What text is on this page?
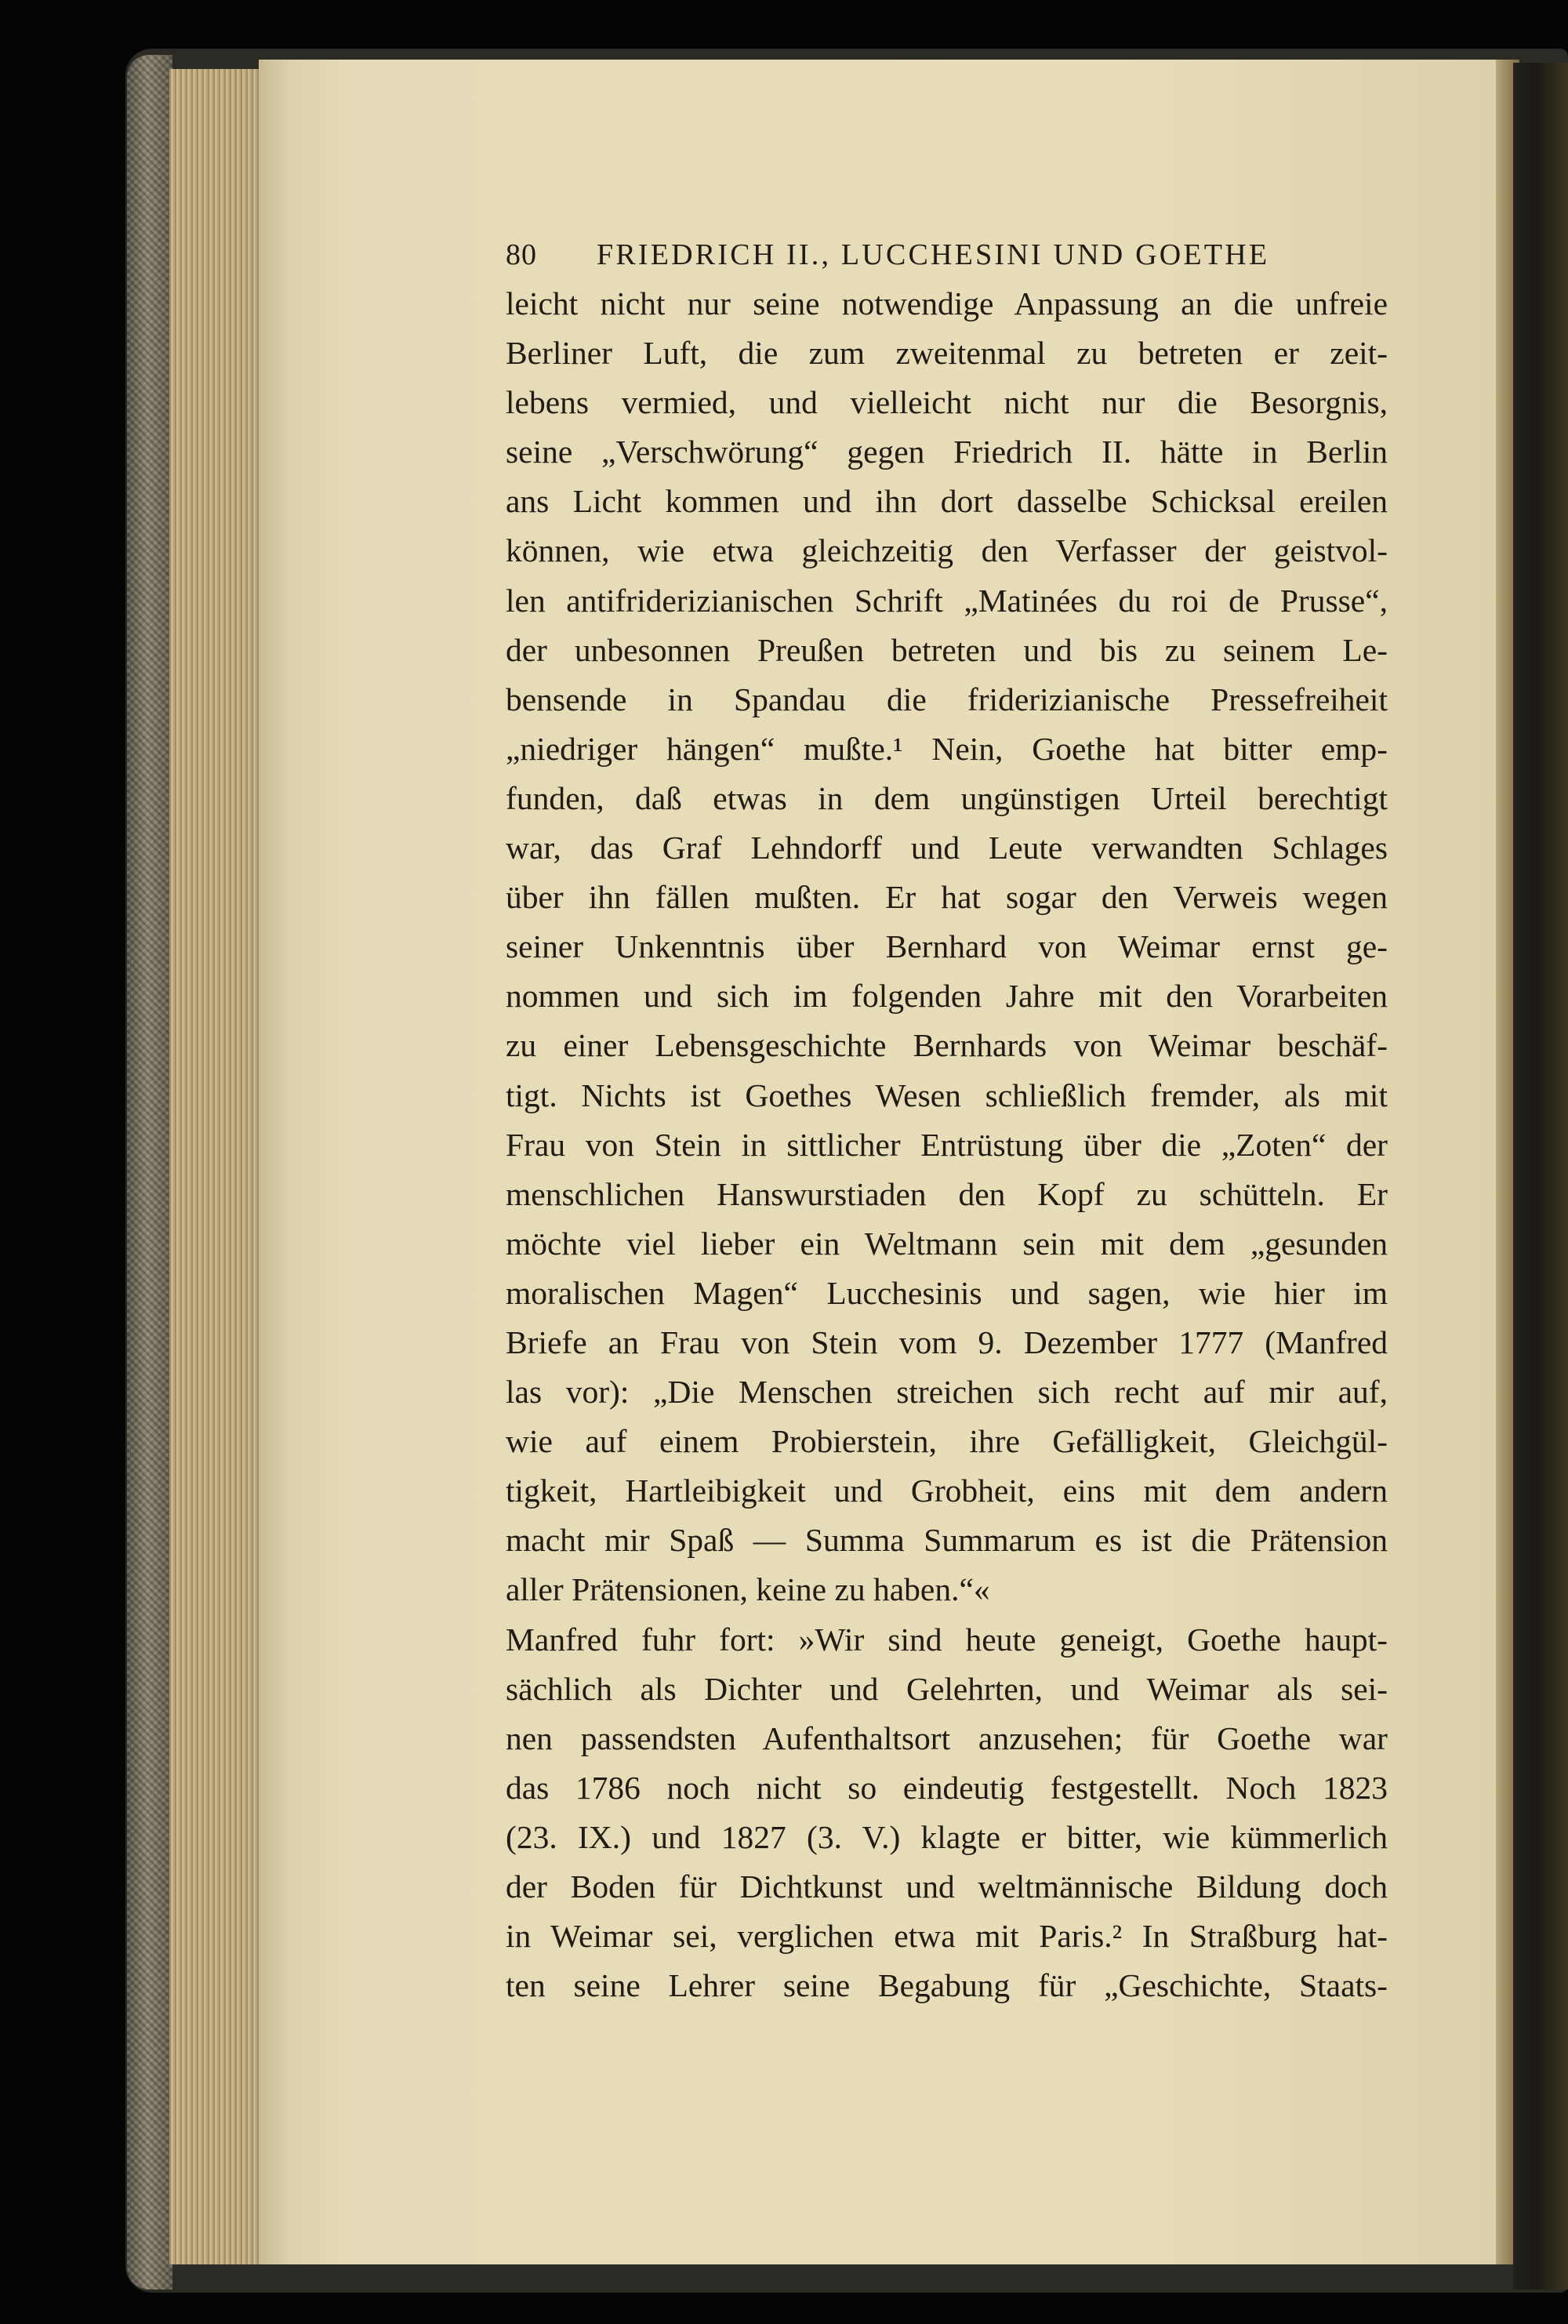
80 FRIEDRICH II., LUCCHESINI UND GOETHE
leicht nicht nur seine notwendige Anpassung an die unfreie
Berliner Luft, die zum zweitenmal zu betreten er zeit-
lebens vermied, und vielleicht nicht nur die Besorgnis,
seine „Verschwörung“ gegen Friedrich II. hätte in Berlin
ans Licht kommen und ihn dort dasselbe Schicksal ereilen
können, wie etwa gleichzeitig den Verfasser der geistvol-
len antifriderizianischen Schrift „Matinées du roi de Prusse“,
der unbesonnen Preußen betreten und bis zu seinem Le-
bensende in Spandau die friderizianische Pressefreiheit
„niedriger hängen“ mußte.¹ Nein, Goethe hat bitter emp-
funden, daß etwas in dem ungünstigen Urteil berechtigt
war, das Graf Lehndorff und Leute verwandten Schlages
über ihn fällen mußten. Er hat sogar den Verweis wegen
seiner Unkenntnis über Bernhard von Weimar ernst ge-
nommen und sich im folgenden Jahre mit den Vorarbeiten
zu einer Lebensgeschichte Bernhards von Weimar beschäf-
tigt. Nichts ist Goethes Wesen schließlich fremder, als mit
Frau von Stein in sittlicher Entrüstung über die „Zoten“ der
menschlichen Hanswurstiaden den Kopf zu schütteln. Er
möchte viel lieber ein Weltmann sein mit dem „gesunden
moralischen Magen“ Lucchesinis und sagen, wie hier im
Briefe an Frau von Stein vom 9. Dezember 1777 (Manfred
las vor): „Die Menschen streichen sich recht auf mir auf,
wie auf einem Probierstein, ihre Gefälligkeit, Gleichgül-
tigkeit, Hartleibigkeit und Grobheit, eins mit dem andern
macht mir Spaß — Summa Summarum es ist die Prätension
aller Prätensionen, keine zu haben.“«
Manfred fuhr fort: »Wir sind heute geneigt, Goethe haupt-
sächlich als Dichter und Gelehrten, und Weimar als sei-
nen passendsten Aufenthaltsort anzusehen; für Goethe war
das 1786 noch nicht so eindeutig festgestellt. Noch 1823
(23. IX.) und 1827 (3. V.) klagte er bitter, wie kümmerlich
der Boden für Dichtkunst und weltmännische Bildung doch
in Weimar sei, verglichen etwa mit Paris.² In Straßburg hat-
ten seine Lehrer seine Begabung für „Geschichte, Staats-
